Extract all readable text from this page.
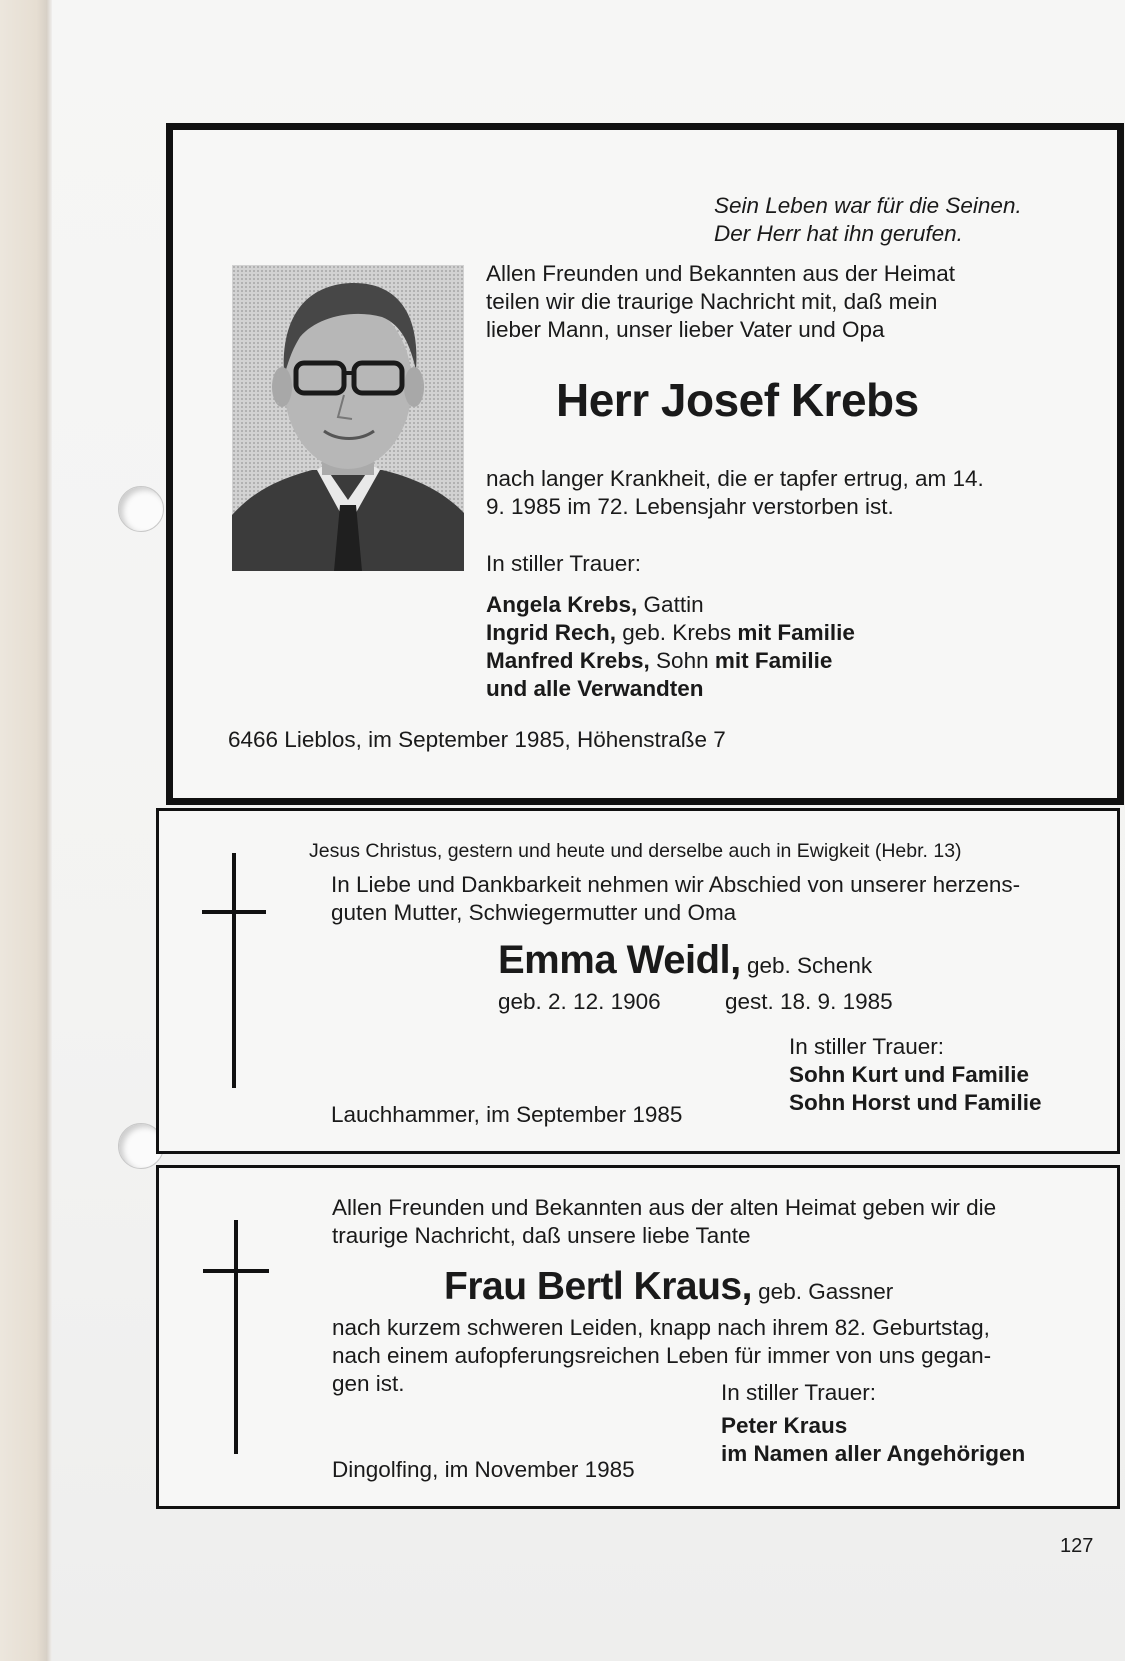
Sein Leben war für die Seinen.
Der Herr hat ihn gerufen.
Allen Freunden und Bekannten aus der Heimat
teilen wir die traurige Nachricht mit, daß mein
lieber Mann, unser lieber Vater und Opa
Herr Josef Krebs
nach langer Krankheit, die er tapfer ertrug, am 14.
9. 1985 im 72. Lebensjahr verstorben ist.
In stiller Trauer:
Angela Krebs, Gattin
Ingrid Rech, geb. Krebs mit Familie
Manfred Krebs, Sohn mit Familie
und alle Verwandten
6466 Lieblos, im September 1985, Höhenstraße 7
Jesus Christus, gestern und heute und derselbe auch in Ewigkeit (Hebr. 13)
In Liebe und Dankbarkeit nehmen wir Abschied von unserer herzens-
guten Mutter, Schwiegermutter und Oma
Emma Weidl, geb. Schenk
geb. 2. 12. 1906	gest. 18. 9. 1985
In stiller Trauer:
Sohn Kurt und Familie
Sohn Horst und Familie
Lauchhammer, im September 1985
Allen Freunden und Bekannten aus der alten Heimat geben wir die
traurige Nachricht, daß unsere liebe Tante
Frau Bertl Kraus, geb. Gassner
nach kurzem schweren Leiden, knapp nach ihrem 82. Geburtstag,
nach einem aufopferungsreichen Leben für immer von uns gegan-
gen ist.	In stiller Trauer:
Peter Kraus
im Namen aller Angehörigen
Dingolfing, im November 1985
127
